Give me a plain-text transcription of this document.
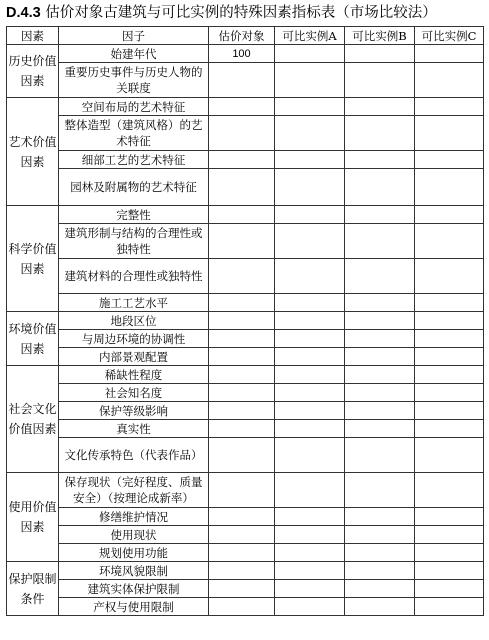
D.4.3 估价对象古建筑与可比实例的特殊因素指标表（市场比较法）
因素	因子	估价对象	可比实例A	可比实例B	可比实例C
历史价值因素	始建年代	100			
	重要历史事件与历史人物的关联度				
艺术价值因素	空间布局的艺术特征				
	整体造型（建筑风格）的艺术特征				
	细部工艺的艺术特征				
	园林及附属物的艺术特征				
科学价值因素	完整性				
	建筑形制与结构的合理性或独特性				
	建筑材料的合理性或独特性				
	施工工艺水平				
环境价值因素	地段区位				
	与周边环境的协调性				
	内部景观配置				
社会文化价值因素	稀缺性程度				
	社会知名度				
	保护等级影响				
	真实性				
	文化传承特色（代表作品）				
使用价值因素	保存现状（完好程度、质量安全）（按理论成新率）				
	修缮维护情况				
	使用现状				
	规划使用功能				
保护限制条件	环境风貌限制				
	建筑实体保护限制				
	产权与使用限制				
